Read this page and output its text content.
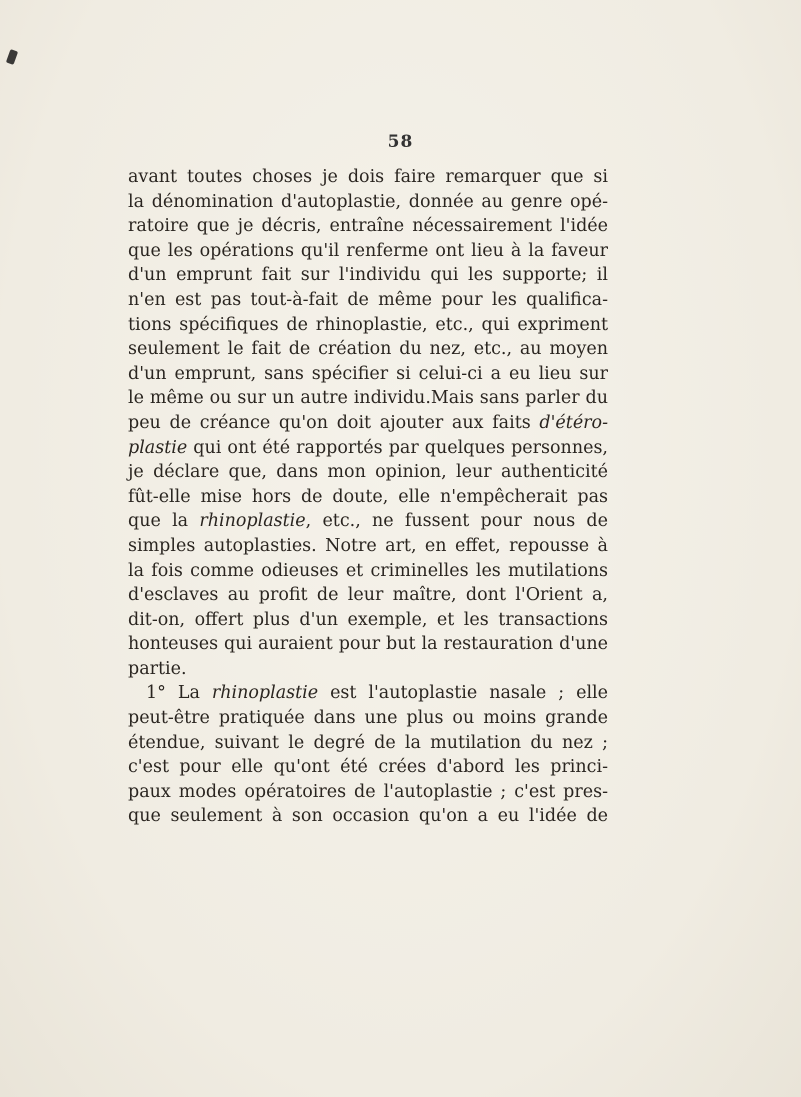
58
avant toutes choses je dois faire remarquer que si
la dénomination d'autoplastie, donnée au genre opé-
ratoire que je décris, entraîne nécessairement l'idée
que les opérations qu'il renferme ont lieu à la faveur
d'un emprunt fait sur l'individu qui les supporte; il
n'en est pas tout-à-fait de même pour les qualifica-
tions spécifiques de rhinoplastie, etc., qui expriment
seulement le fait de création du nez, etc., au moyen
d'un emprunt, sans spécifier si celui-ci a eu lieu sur
le même ou sur un autre individu.Mais sans parler du
peu de créance qu'on doit ajouter aux faits d'étéro-
plastie qui ont été rapportés par quelques personnes,
je déclare que, dans mon opinion, leur authenticité
fût-elle mise hors de doute, elle n'empêcherait pas
que la rhinoplastie, etc., ne fussent pour nous de
simples autoplasties. Notre art, en effet, repousse à
la fois comme odieuses et criminelles les mutilations
d'esclaves au profit de leur maître, dont l'Orient a,
dit-on, offert plus d'un exemple, et les transactions
honteuses qui auraient pour but la restauration d'une
partie.
1° La rhinoplastie est l'autoplastie nasale ; elle
peut-être pratiquée dans une plus ou moins grande
étendue, suivant le degré de la mutilation du nez ;
c'est pour elle qu'ont été crées d'abord les princi-
paux modes opératoires de l'autoplastie ; c'est pres-
que seulement à son occasion qu'on a eu l'idée de
